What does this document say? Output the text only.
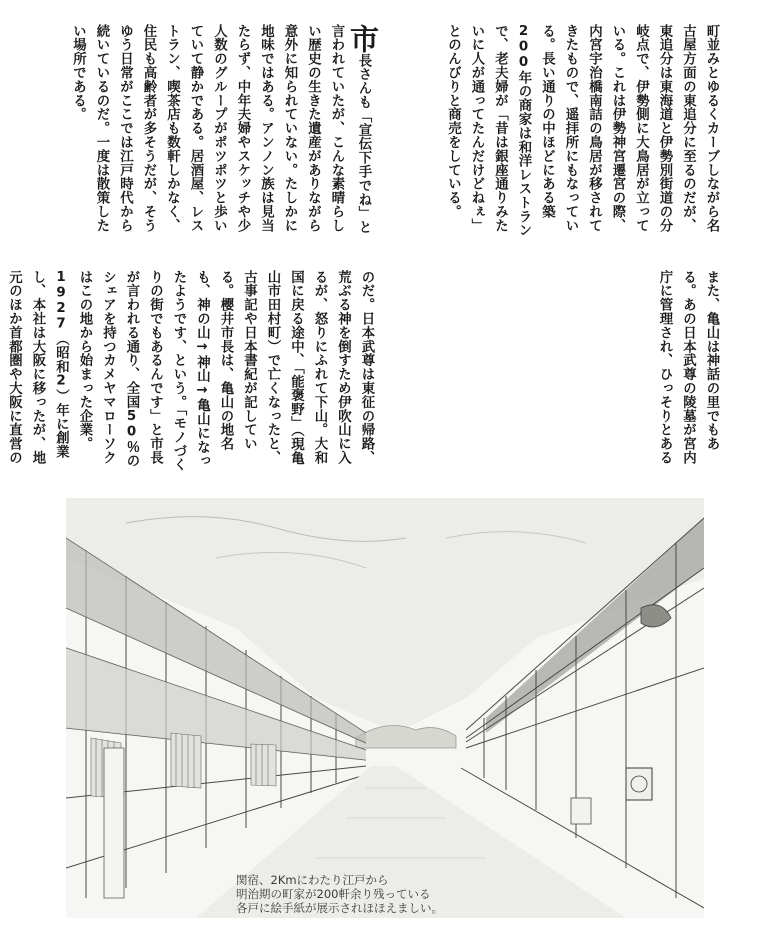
町並みとゆるくカーブしながら名古屋方面の東追分に至るのだが、東追分は東海道と伊勢別街道の分岐点で、伊勢側に大鳥居が立っている。これは伊勢神宮遷宮の際、内宮宇治橋南詰の鳥居が移されてきたもので、遥拝所にもなっている。長い通りの中ほどにある築200年の商家は和洋レストランで、老夫婦が「昔は銀座通りみたいに人が通ってたんだけどねぇ」とのんびりと商売をしている。

また、亀山は神話の里でもある。あの日本武尊の陵墓が宮内庁に管理され、ひっそりとある

市長さんも「宣伝下手でね」と言われていたが、こんな素晴らしい歴史の生きた遺産がありながら意外に知られていない。たしかに地味ではある。アンノン族は見当たらず、中年夫婦やスケッチや少人数のグループがポツポツと歩いていて静かである。居酒屋、レストラン、喫茶店も数軒しかなく、住民も高齢者が多そうだが、そうゆう日常がここでは江戸時代から続いているのだ。一度は散策したい場所である。

のだ。日本武尊は東征の帰路、荒ぶる神を倒すため伊吹山に入るが、怒りにふれて下山。大和国に戻る途中、「能褒野」（現亀山市田村町）で亡くなったと、古事記や日本書紀が記している。櫻井市長は、亀山の地名も、神の山→神山→亀山になったようです、という。「モノづくりの街でもあるんです」と市長が言われる通り、全国50％のシェアを持つカメヤマローソクはこの地から始まった企業。1927（昭和2）年に創業し、本社は大阪に移ったが、地元のほか首都圏や大阪に直営の

関宿、2Kmにわたり江戸から
明治期の町家が200軒余り残っている
各戸に絵手紙が展示されほほえましい。
